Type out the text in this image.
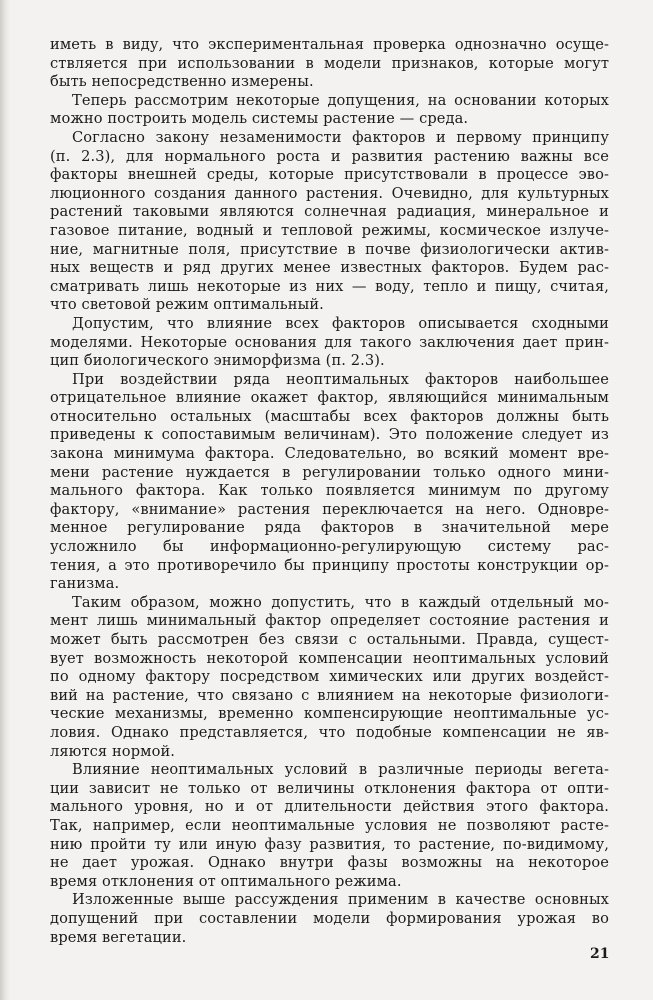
иметь в виду, что экспериментальная проверка однозначно осуще-
ствляется при использовании в модели признаков, которые могут
быть непосредственно измерены.
Теперь рассмотрим некоторые допущения, на основании которых
можно построить модель системы растение — среда.
Согласно закону незаменимости факторов и первому принципу
(п. 2.3), для нормального роста и развития растению важны все
факторы внешней среды, которые присутствовали в процессе эво-
люционного создания данного растения. Очевидно, для культурных
растений таковыми являются солнечная радиация, минеральное и
газовое питание, водный и тепловой режимы, космическое излуче-
ние, магнитные поля, присутствие в почве физиологически актив-
ных веществ и ряд других менее известных факторов. Будем рас-
сматривать лишь некоторые из них — воду, тепло и пищу, считая,
что световой режим оптимальный.
Допустим, что влияние всех факторов описывается сходными
моделями. Некоторые основания для такого заключения дает прин-
цип биологического эниморфизма (п. 2.3).
При воздействии ряда неоптимальных факторов наибольшее
отрицательное влияние окажет фактор, являющийся минимальным
относительно остальных (масштабы всех факторов должны быть
приведены к сопоставимым величинам). Это положение следует из
закона минимума фактора. Следовательно, во всякий момент вре-
мени растение нуждается в регулировании только одного мини-
мального фактора. Как только появляется минимум по другому
фактору, «внимание» растения переключается на него. Одновре-
менное регулирование ряда факторов в значительной мере
усложнило бы информационно-регулирующую систему рас-
тения, а это противоречило бы принципу простоты конструкции ор-
ганизма.
Таким образом, можно допустить, что в каждый отдельный мо-
мент лишь минимальный фактор определяет состояние растения и
может быть рассмотрен без связи с остальными. Правда, сущест-
вует возможность некоторой компенсации неоптимальных условий
по одному фактору посредством химических или других воздейст-
вий на растение, что связано с влиянием на некоторые физиологи-
ческие механизмы, временно компенсирующие неоптимальные ус-
ловия. Однако представляется, что подобные компенсации не яв-
ляются нормой.
Влияние неоптимальных условий в различные периоды вегета-
ции зависит не только от величины отклонения фактора от опти-
мального уровня, но и от длительности действия этого фактора.
Так, например, если неоптимальные условия не позволяют расте-
нию пройти ту или иную фазу развития, то растение, по-видимому,
не дает урожая. Однако внутри фазы возможны на некоторое
время отклонения от оптимального режима.
Изложенные выше рассуждения применим в качестве основных
допущений при составлении модели формирования урожая во
время вегетации.
21
